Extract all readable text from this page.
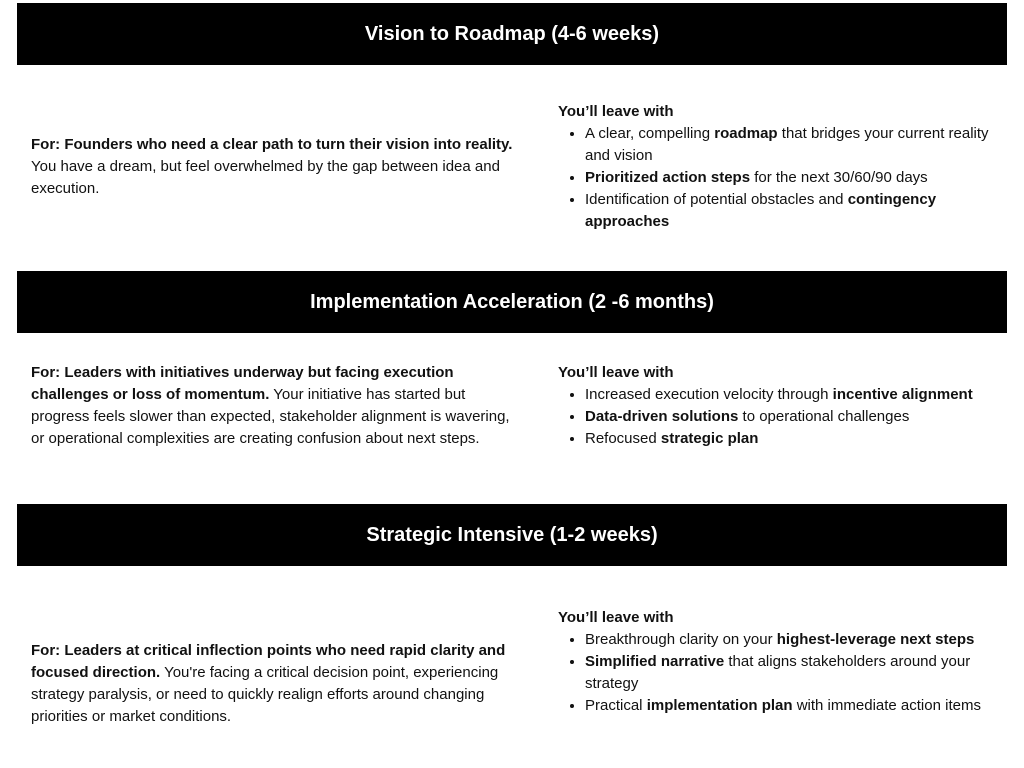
Vision to Roadmap (4-6 weeks)

For: Founders who need a clear path to turn their vision into reality. You have a dream, but feel overwhelmed by the gap between idea and execution.

You’ll leave with

• A clear, compelling roadmap that bridges your current reality and vision
• Prioritized action steps for the next 30/60/90 days
• Identification of potential obstacles and contingency approaches
Implementation Acceleration (2 -6 months)

For: Leaders with initiatives underway but facing execution challenges or loss of momentum. Your initiative has started but progress feels slower than expected, stakeholder alignment is wavering, or operational complexities are creating confusion about next steps.

You’ll leave with

• Increased execution velocity through incentive alignment
• Data-driven solutions to operational challenges
• Refocused strategic plan
Strategic Intensive (1-2 weeks)

For: Leaders at critical inflection points who need rapid clarity and focused direction. You're facing a critical decision point, experiencing strategy paralysis, or need to quickly realign efforts around changing priorities or market conditions.

You’ll leave with

• Breakthrough clarity on your highest-leverage next steps
• Simplified narrative that aligns stakeholders around your strategy
• Practical implementation plan with immediate action items
